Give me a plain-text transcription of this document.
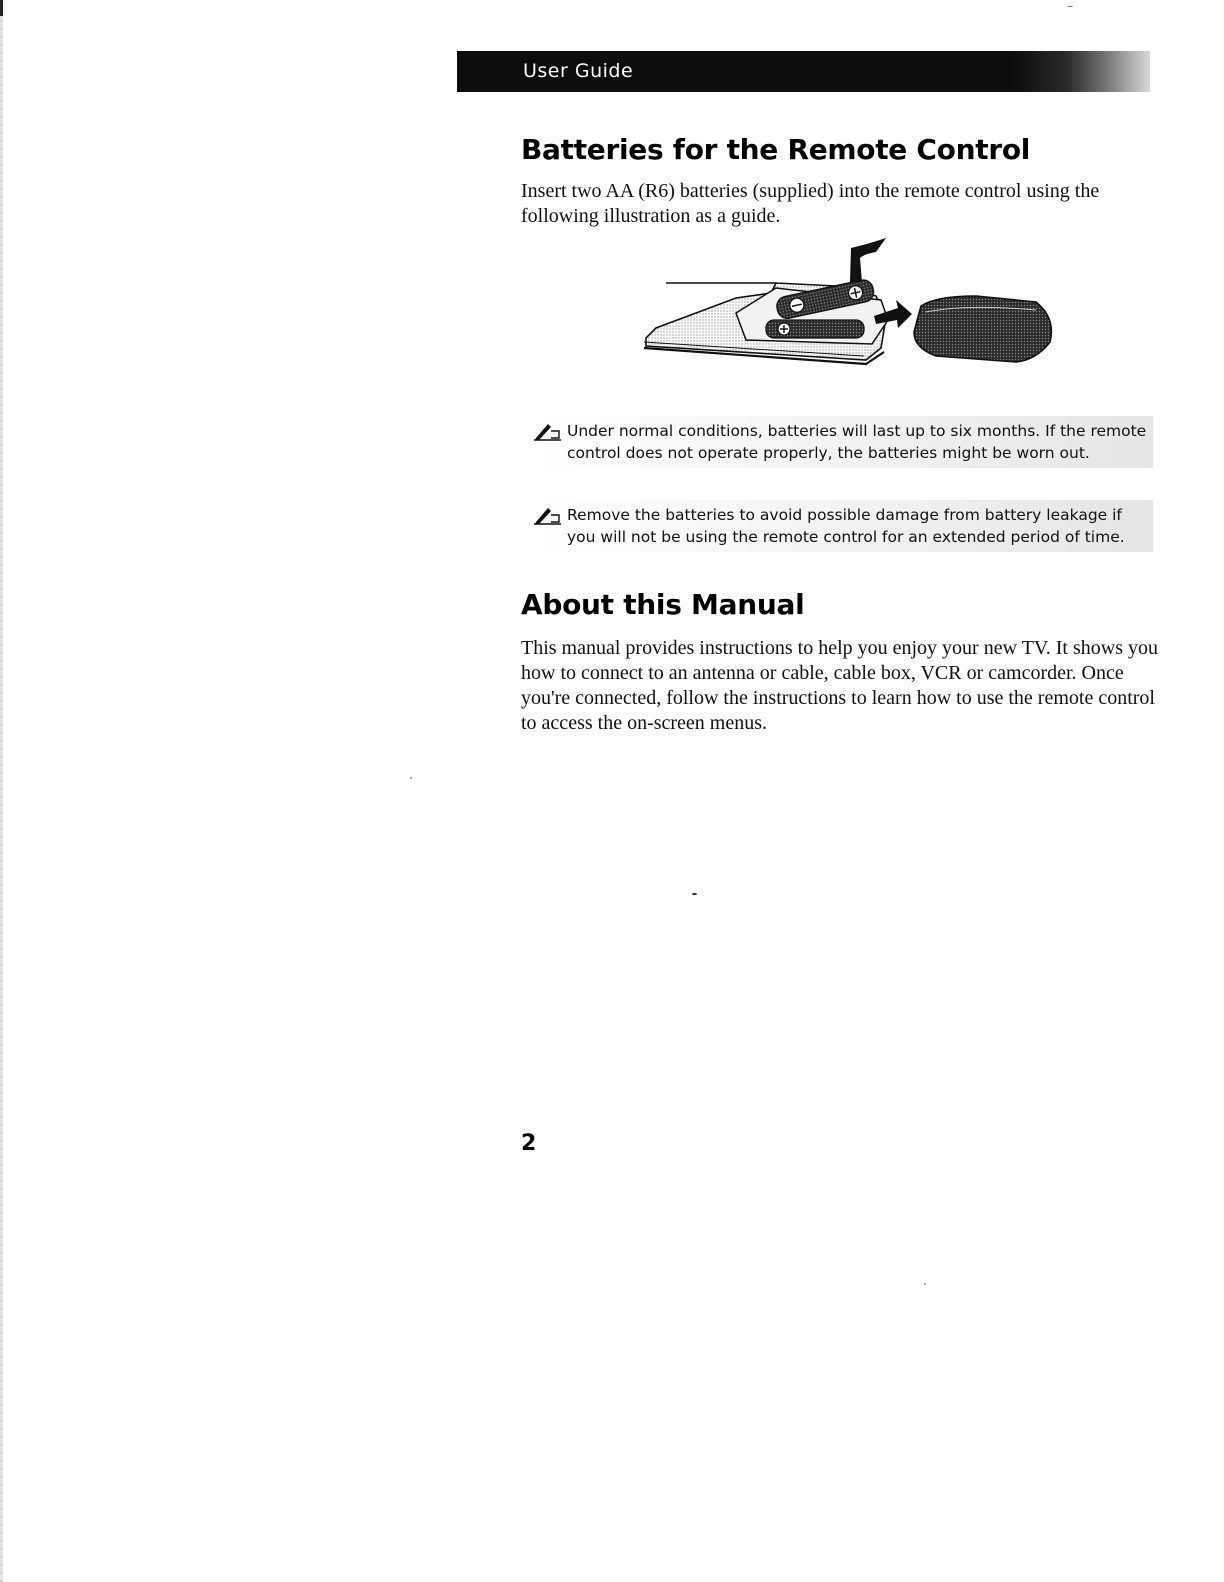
User Guide
Batteries for the Remote Control

Insert two AA (R6) batteries (supplied) into the remote control using the following illustration as a guide.

Under normal conditions, batteries will last up to six months. If the remote control does not operate properly, the batteries might be worn out.

Remove the batteries to avoid possible damage from battery leakage if you will not be using the remote control for an extended period of time.

About this Manual

This manual provides instructions to help you enjoy your new TV. It shows you how to connect to an antenna or cable, cable box, VCR or camcorder. Once you're connected, follow the instructions to learn how to use the remote control to access the on-screen menus.

2
